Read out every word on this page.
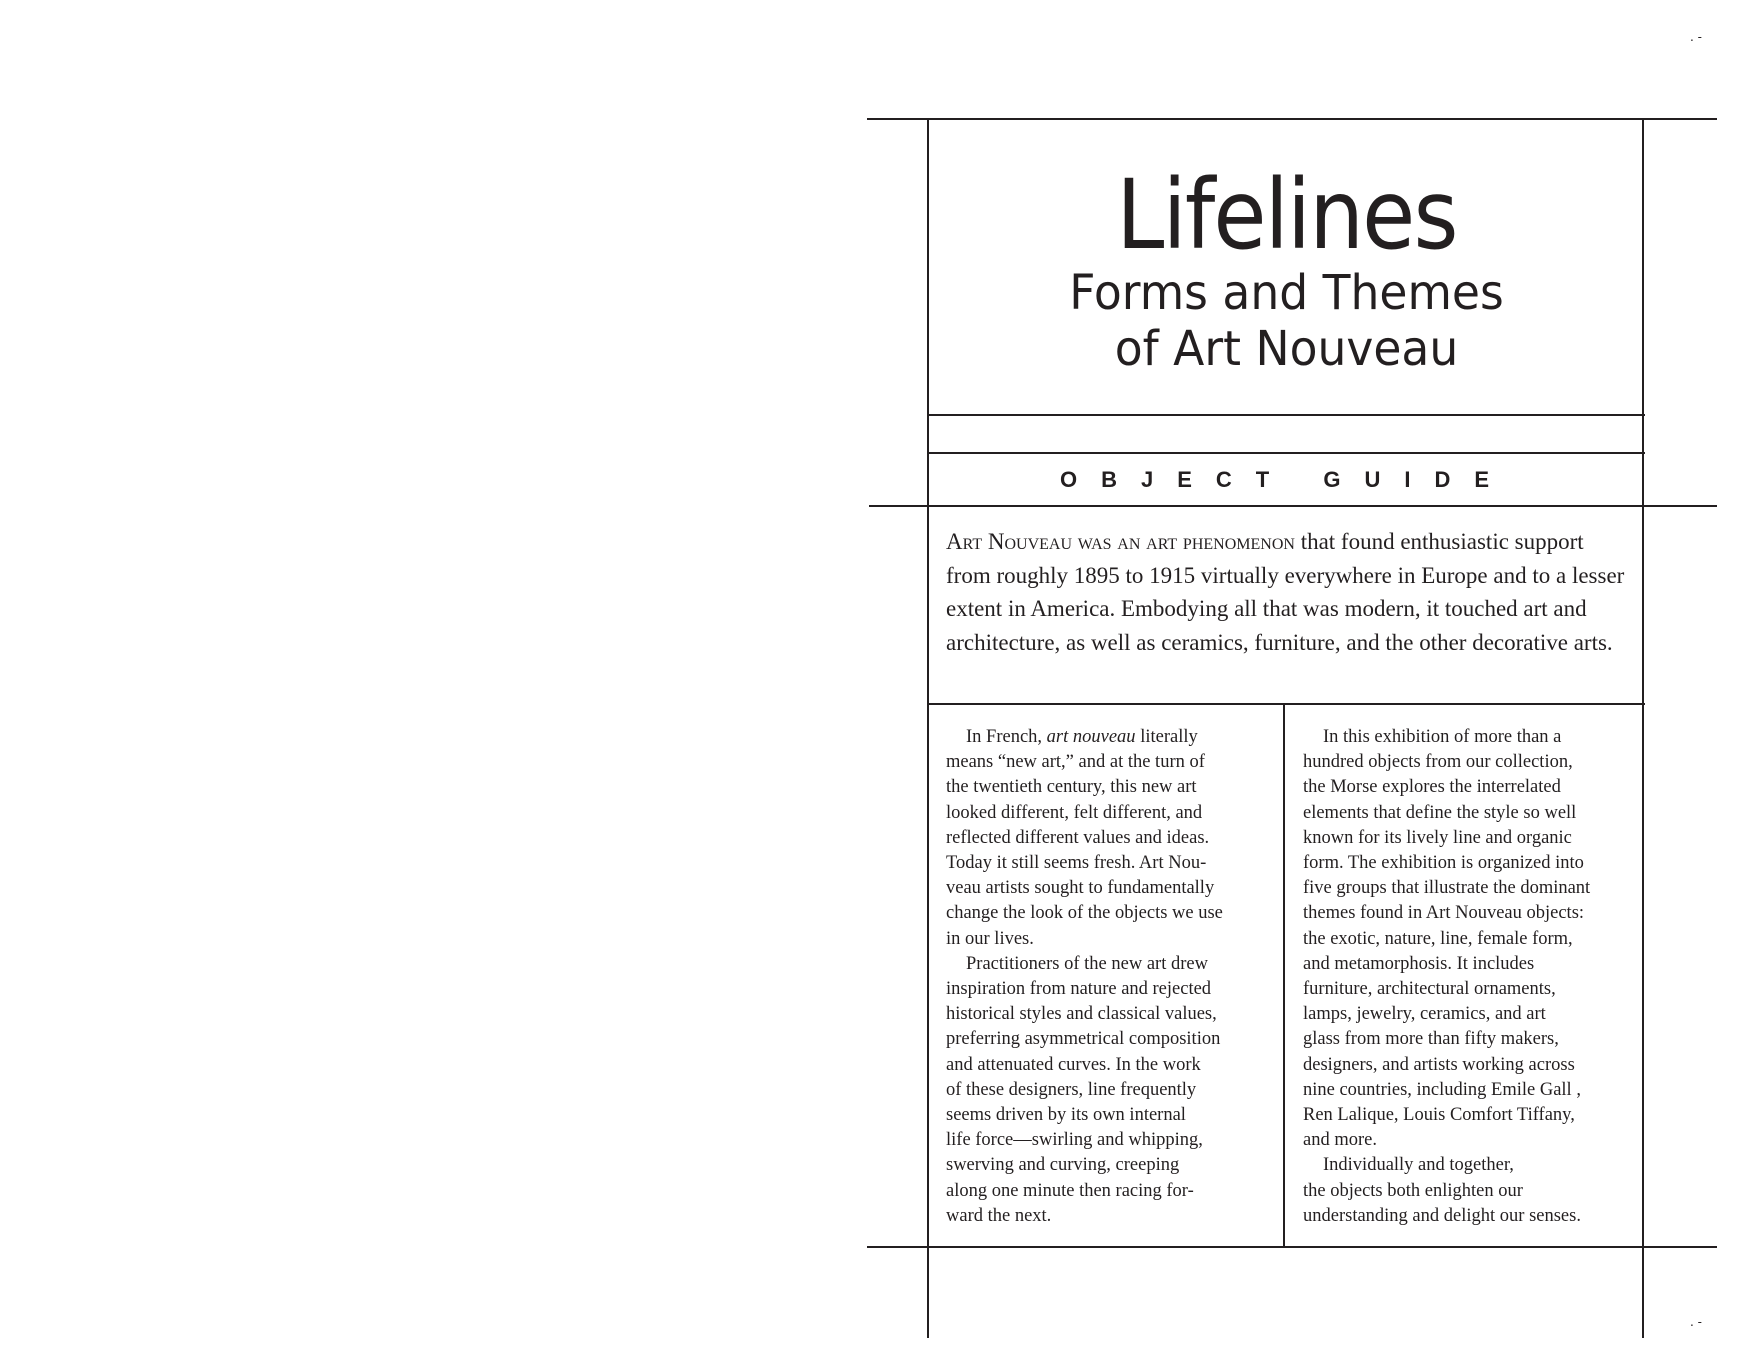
. ‑
. ‑
Lifelines
Forms and Themes
of Art Nouveau
OBJECT GUIDE

Art Nouveau was an art phenomenon that found enthusiastic support from roughly 1895 to 1915 virtually everywhere in Europe and to a lesser extent in America. Embodying all that was modern, it touched art and architecture, as well as ceramics, furniture, and the other decorative arts.

In French, art nouveau literally

means “new art,” and at the turn of

the twentieth century, this new art

looked different, felt different, and

reflected different values and ideas.

Today it still seems fresh. Art Nou-

veau artists sought to fundamentally

change the look of the objects we use

in our lives.

Practitioners of the new art drew

inspiration from nature and rejected

historical styles and classical values,

preferring asymmetrical composition

and attenuated curves. In the work

of these designers, line frequently

seems driven by its own internal

life force—swirling and whipping,

swerving and curving, creeping

along one minute then racing for-

ward the next.

In this exhibition of more than a

hundred objects from our collection,

the Morse explores the interrelated

elements that define the style so well

known for its lively line and organic

form. The exhibition is organized into

five groups that illustrate the dominant

themes found in Art Nouveau objects:

the exotic, nature, line, female form,

and metamorphosis. It includes

furniture, architectural ornaments,

lamps, jewelry, ceramics, and art

glass from more than fifty makers,

designers, and artists working across

nine countries, including Emile Gall ,

Ren Lalique, Louis Comfort Tiffany,

and more.

Individually and together,

the objects both enlighten our

understanding and delight our senses.
